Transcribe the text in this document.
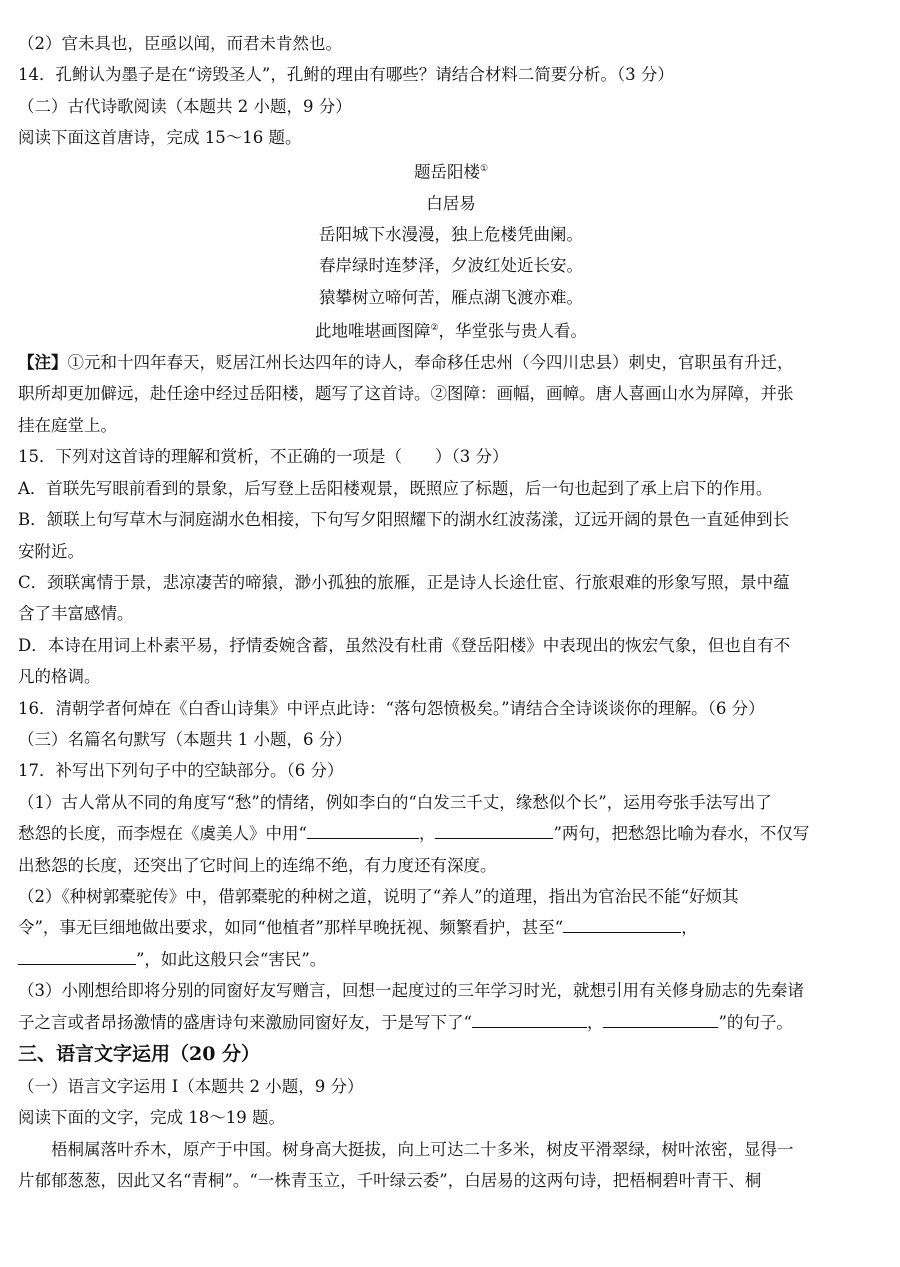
（2）官未具也，臣亟以闻，而君未肯然也。

14．孔鲋认为墨子是在“谤毁圣人”，孔鲋的理由有哪些？请结合材料二简要分析。（3 分）

（二）古代诗歌阅读（本题共 2 小题，9 分）

阅读下面这首唐诗，完成 15～16 题。

题岳阳楼①

白居易

岳阳城下水漫漫，独上危楼凭曲阑。

春岸绿时连梦泽，夕波红处近长安。

猿攀树立啼何苦，雁点湖飞渡亦难。

此地唯堪画图障②，华堂张与贵人看。

【注】①元和十四年春天，贬居江州长达四年的诗人，奉命移任忠州（今四川忠县）刺史，官职虽有升迁，

职所却更加僻远，赴任途中经过岳阳楼，题写了这首诗。②图障：画幅，画幛。唐人喜画山水为屏障，并张

挂在庭堂上。

15．下列对这首诗的理解和赏析，不正确的一项是（　　）（3 分）

A．首联先写眼前看到的景象，后写登上岳阳楼观景，既照应了标题，后一句也起到了承上启下的作用。

B．颔联上句写草木与洞庭湖水色相接，下句写夕阳照耀下的湖水红波荡漾，辽远开阔的景色一直延伸到长

安附近。

C．颈联寓情于景，悲凉凄苦的啼猿，渺小孤独的旅雁，正是诗人长途仕宦、行旅艰难的形象写照，景中蕴

含了丰富感情。

D．本诗在用词上朴素平易，抒情委婉含蓄，虽然没有杜甫《登岳阳楼》中表现出的恢宏气象，但也自有不

凡的格调。

16．清朝学者何焯在《白香山诗集》中评点此诗：“落句怨愤极矣。”请结合全诗谈谈你的理解。（6 分）

（三）名篇名句默写（本题共 1 小题，6 分）

17．补写出下列句子中的空缺部分。（6 分）

（1）古人常从不同的角度写“愁”的情绪，例如李白的“白发三千丈，缘愁似个长”，运用夸张手法写出了

愁怨的长度，而李煜在《虞美人》中用“	，	”两句，把愁怨比喻为春水，不仅写

出愁怨的长度，还突出了它时间上的连绵不绝，有力度还有深度。

（2）《种树郭橐驼传》中，借郭橐驼的种树之道，说明了“养人”的道理，指出为官治民不能“好烦其

令”，事无巨细地做出要求，如同“他植者”那样早晚抚视、频繁看护，甚至“	，

”，如此这般只会“害民”。

（3）小刚想给即将分别的同窗好友写赠言，回想一起度过的三年学习时光，就想引用有关修身励志的先秦诸

子之言或者昂扬激情的盛唐诗句来激励同窗好友，于是写下了“	，	”的句子。

三、语言文字运用（20 分）

（一）语言文字运用 I（本题共 2 小题，9 分）

阅读下面的文字，完成 18～19 题。

梧桐属落叶乔木，原产于中国。树身高大挺拔，向上可达二十多米，树皮平滑翠绿，树叶浓密，显得一

片郁郁葱葱，因此又名“青桐”。“一株青玉立，千叶绿云委”，白居易的这两句诗，把梧桐碧叶青干、桐
